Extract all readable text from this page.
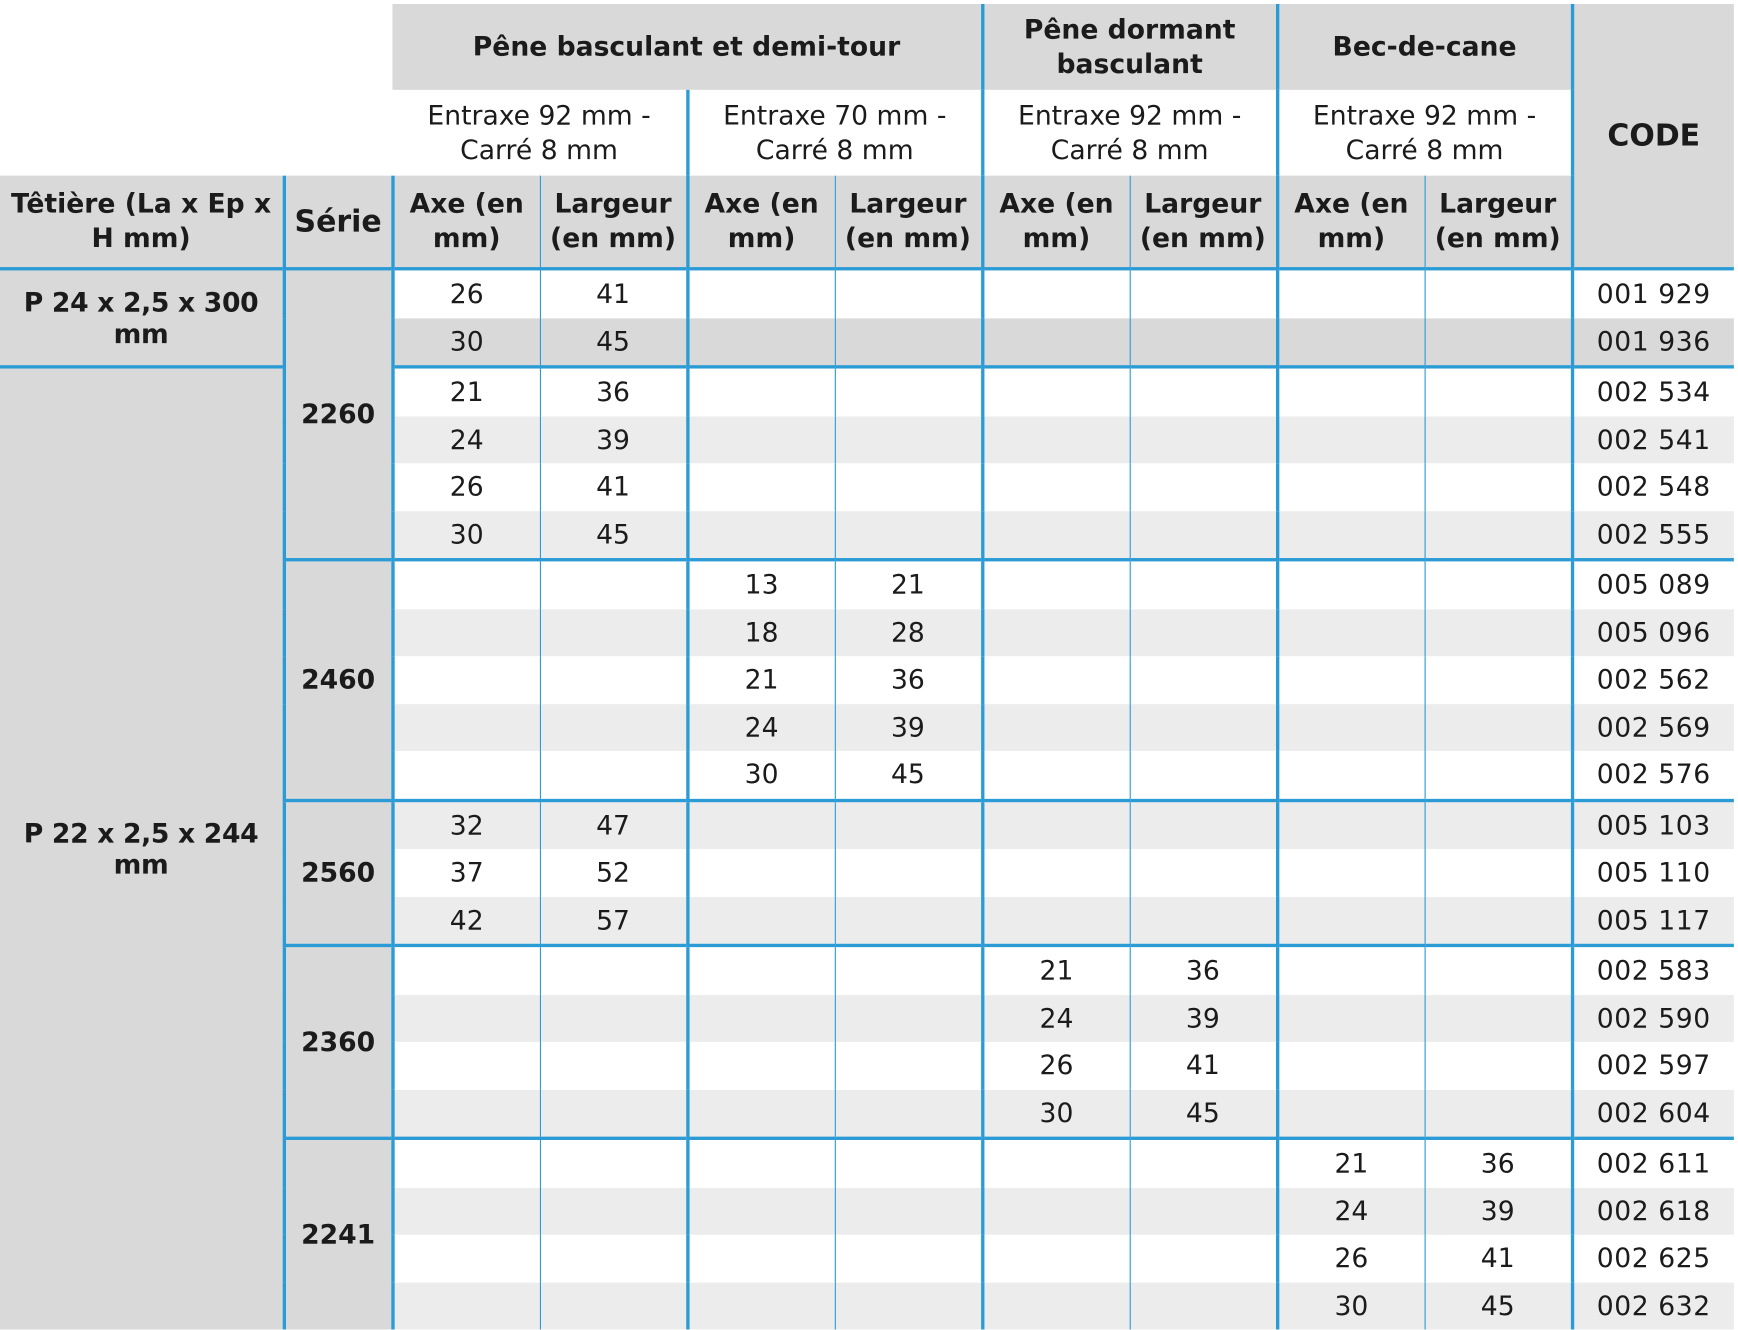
		Pêne basculant et demi-tour				Pêne dormant basculant		Bec-de-cane		CODE
		Entraxe 92 mm - Carré 8 mm		Entraxe 70 mm - Carré 8 mm		Entraxe 92 mm - Carré 8 mm		Entraxe 92 mm - Carré 8 mm		
Têtière (La x Ep x H mm)	Série	Axe (en mm)	Largeur (en mm)	Axe (en mm)	Largeur (en mm)	Axe (en mm)	Largeur (en mm)	Axe (en mm)	Largeur (en mm)	
P 24 x 2,5 x 300 mm	2260	26	41							001 929
		30	45							001 936
P 22 x 2,5 x 244 mm		21	36							002 534
		24	39							002 541
		26	41							002 548
		30	45							002 555
	2460			13	21					005 089
				18	28					005 096
				21	36					002 562
				24	39					002 569
				30	45					002 576
	2560	32	47							005 103
		37	52							005 110
		42	57							005 117
	2360					21	36			002 583
						24	39			002 590
						26	41			002 597
						30	45			002 604
	2241							21	36	002 611
								24	39	002 618
								26	41	002 625
								30	45	002 632
